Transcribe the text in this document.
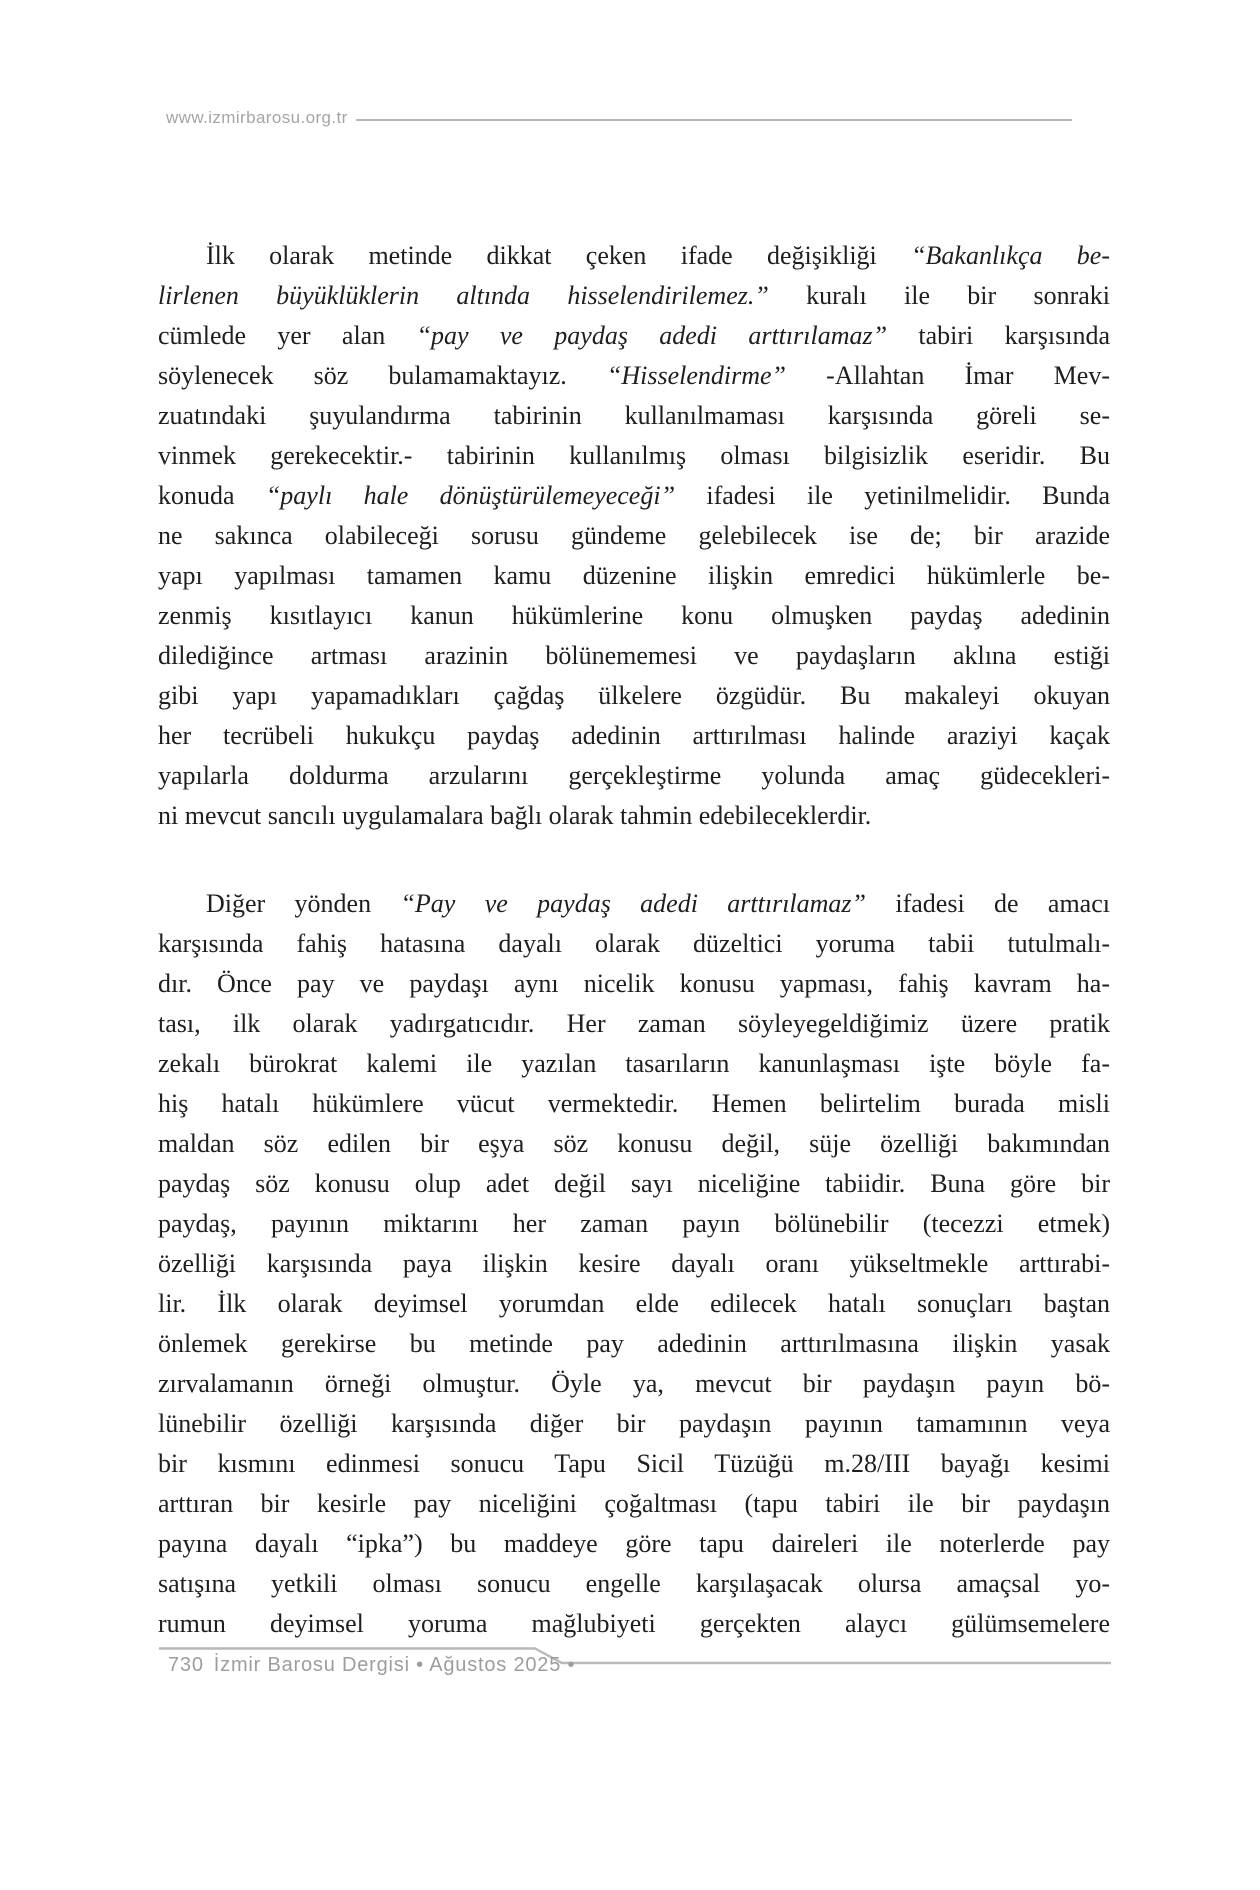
www.izmirbarosu.org.tr
İlk olarak metinde dikkat çeken ifade değişikliği “Bakanlıkça be-
lirlenen büyüklüklerin altında hisselendirilemez.” kuralı ile bir sonraki
cümlede yer alan “pay ve paydaş adedi arttırılamaz” tabiri karşısında
söylenecek söz bulamamaktayız. “Hisselendirme” -Allahtan İmar Mev-
zuatındaki şuyulandırma tabirinin kullanılmaması karşısında göreli se-
vinmek gerekecektir.- tabirinin kullanılmış olması bilgisizlik eseridir. Bu
konuda “paylı hale dönüştürülemeyeceği” ifadesi ile yetinilmelidir. Bunda
ne sakınca olabileceği sorusu gündeme gelebilecek ise de; bir arazide
yapı yapılması tamamen kamu düzenine ilişkin emredici hükümlerle be-
zenmiş kısıtlayıcı kanun hükümlerine konu olmuşken paydaş adedinin
dilediğince artması arazinin bölünememesi ve paydaşların aklına estiği
gibi yapı yapamadıkları çağdaş ülkelere özgüdür. Bu makaleyi okuyan
her tecrübeli hukukçu paydaş adedinin arttırılması halinde araziyi kaçak
yapılarla doldurma arzularını gerçekleştirme yolunda amaç güdecekleri-
ni mevcut sancılı uygulamalara bağlı olarak tahmin edebileceklerdir.
Diğer yönden “Pay ve paydaş adedi arttırılamaz” ifadesi de amacı
karşısında fahiş hatasına dayalı olarak düzeltici yoruma tabii tutulmalı-
dır. Önce pay ve paydaşı aynı nicelik konusu yapması, fahiş kavram ha-
tası, ilk olarak yadırgatıcıdır. Her zaman söyleyegeldiğimiz üzere pratik
zekalı bürokrat kalemi ile yazılan tasarıların kanunlaşması işte böyle fa-
hiş hatalı hükümlere vücut vermektedir. Hemen belirtelim burada misli
maldan söz edilen bir eşya söz konusu değil, süje özelliği bakımından
paydaş söz konusu olup adet değil sayı niceliğine tabiidir. Buna göre bir
paydaş, payının miktarını her zaman payın bölünebilir (tecezzi etmek)
özelliği karşısında paya ilişkin kesire dayalı oranı yükseltmekle arttırabi-
lir. İlk olarak deyimsel yorumdan elde edilecek hatalı sonuçları baştan
önlemek gerekirse bu metinde pay adedinin arttırılmasına ilişkin yasak
zırvalamanın örneği olmuştur. Öyle ya, mevcut bir paydaşın payın bö-
lünebilir özelliği karşısında diğer bir paydaşın payının tamamının veya
bir kısmını edinmesi sonucu Tapu Sicil Tüzüğü m.28/III bayağı kesimi
arttıran bir kesirle pay niceliğini çoğaltması (tapu tabiri ile bir paydaşın
payına dayalı “ipka”) bu maddeye göre tapu daireleri ile noterlerde pay
satışına yetkili olması sonucu engelle karşılaşacak olursa amaçsal yo-
rumun deyimsel yoruma mağlubiyeti gerçekten alaycı gülümsemelere
730 İzmir Barosu Dergisi • Ağustos 2025 •
